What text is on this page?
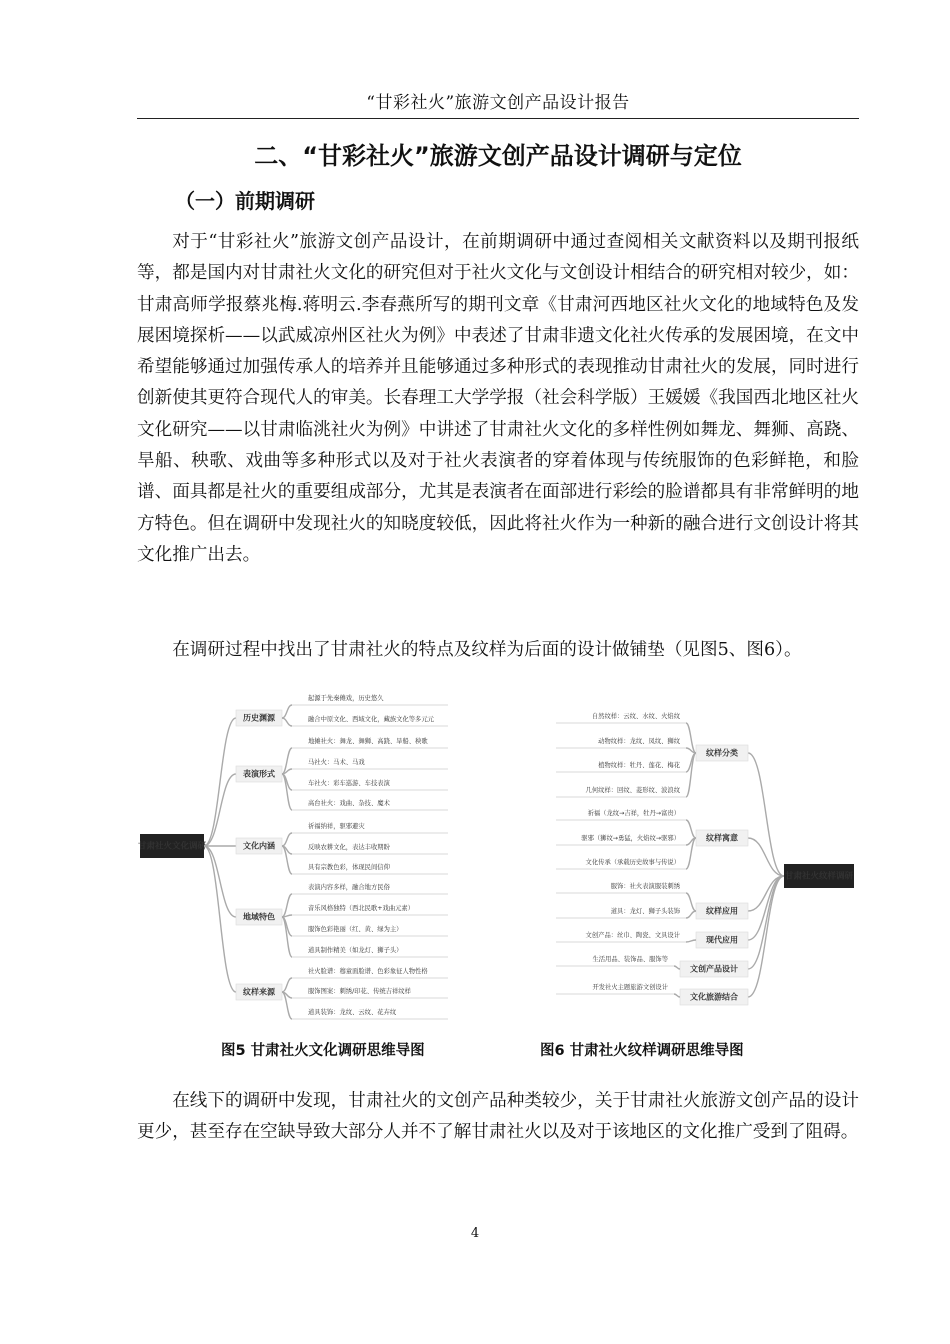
“甘彩社火”旅游文创产品设计报告
二、“甘彩社火”旅游文创产品设计调研与定位
（一）前期调研

对于“甘彩社火”旅游文创产品设计，在前期调研中通过查阅相关文献资料以及期刊报纸等，都是国内对甘肃社火文化的研究但对于社火文化与文创设计相结合的研究相对较少，如：甘肃高师学报蔡兆梅.蒋明云.李春燕所写的期刊文章《甘肃河西地区社火文化的地域特色及发展困境探析——以武威凉州区社火为例》中表述了甘肃非遗文化社火传承的发展困境，在文中希望能够通过加强传承人的培养并且能够通过多种形式的表现推动甘肃社火的发展，同时进行创新使其更符合现代人的审美。长春理工大学学报（社会科学版）王媛媛《我国西北地区社火文化研究——以甘肃临洮社火为例》中讲述了甘肃社火文化的多样性例如舞龙、舞狮、高跷、旱船、秧歌、戏曲等多种形式以及对于社火表演者的穿着体现与传统服饰的色彩鲜艳，和脸谱、面具都是社火的重要组成部分，尤其是表演者在面部进行彩绘的脸谱都具有非常鲜明的地方特色。但在调研中发现社火的知晓度较低，因此将社火作为一种新的融合进行文创设计将其文化推广出去。

在调研过程中找出了甘肃社火的特点及纹样为后面的设计做铺垫（见图5、图6）。

甘肃社火文化调研
历史渊源
起源于先秦傩戏，历史悠久
融合中原文化、西域文化，藏族文化等多元元
表演形式
地摊社火：舞龙、舞狮、高跷、旱船、秧歌
马社火：马术、马戏
车社火：彩车巡游、车技表演
高台社火：戏曲、杂技、魔术
文化内涵
祈福纳祥，驱邪避灾
反映农耕文化，表达丰收期盼
具有宗教色彩，体现民间信仰
地域特色
表演内容多样，融合地方民俗
音乐风格独特（西北民歌+戏曲元素）
服饰色彩艳丽（红、黄、绿为主）
道具制作精美（如龙灯、狮子头）
纹样来源
社火脸谱：穆童面脸谱、色彩象征人物性格
服饰图案：刺绣/印花、传统吉祥纹样
道具装饰：龙纹、云纹、花卉纹
甘肃社火纹样调研
纹样分类
自然纹样：云纹、水纹、火焰纹
动物纹样：龙纹、凤纹、狮纹
植物纹样：牡丹、莲花、梅花
几何纹样：回纹、菱形纹、波浪纹
纹样寓意
祈福（龙纹→吉祥，牡丹→富贵）
驱邪（狮纹→勇猛，火焰纹→驱邪）
文化传承（承载历史故事与传说）
纹样应用
服饰：社火表演服装刺绣
道具：龙灯、狮子头装饰
现代应用
文创产品：丝巾、陶瓷、文具设计
文创产品设计
生活用品、装饰品、服饰等
文化旅游结合
开发社火主题旅游文创设计
图5 甘肃社火文化调研思维导图	图6 甘肃社火纹样调研思维导图

在线下的调研中发现，甘肃社火的文创产品种类较少，关于甘肃社火旅游文创产品的设计更少，甚至存在空缺导致大部分人并不了解甘肃社火以及对于该地区的文化推广受到了阻碍。

4
